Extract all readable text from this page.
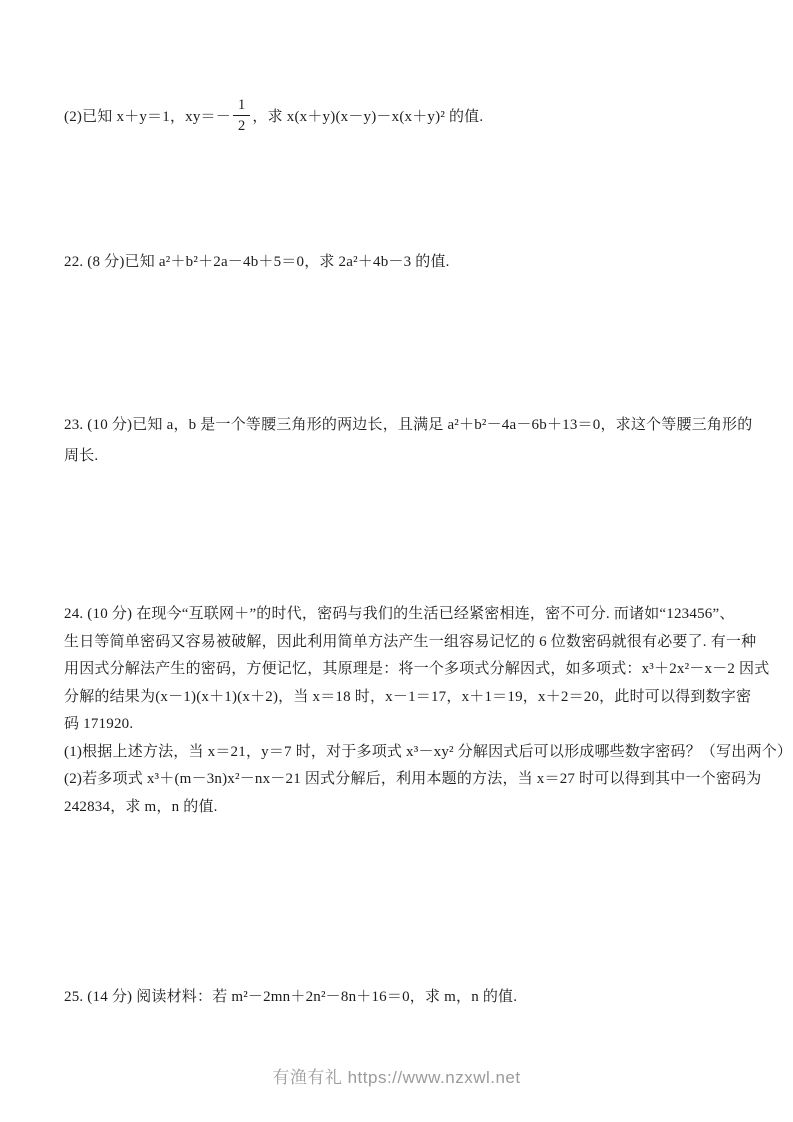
(2)已知 x＋y＝1，$xy=- \frac{1}{2}$ ，求 x(x＋y)(x－y)－x(x＋y)² 的值.
22. (8 分)已知 a²＋b²＋2a－4b＋5＝0，求 2a²＋4b－3 的值.
23. (10 分)已知 a，b 是一个等腰三角形的两边长，且满足 a²＋b²－4a－6b＋13＝0，求这个等腰三角形的
周长.
24. (10 分) 在现今“互联网＋”的时代，密码与我们的生活已经紧密相连，密不可分. 而诸如“123456”、
生日等简单密码又容易被破解，因此利用简单方法产生一组容易记忆的 6 位数密码就很有必要了. 有一种
用因式分解法产生的密码，方便记忆，其原理是：将一个多项式分解因式，如多项式：x³＋2x²－x－2 因式
分解的结果为(x－1)(x＋1)(x＋2)，当 x＝18 时，x－1＝17，x＋1＝19，x＋2＝20，此时可以得到数字密
码 171920.
(1)根据上述方法，当 x＝21，y＝7 时，对于多项式 x³－xy² 分解因式后可以形成哪些数字密码？（写出两个）
(2)若多项式 x³＋(m－3n)x²－nx－21 因式分解后，利用本题的方法，当 x＝27 时可以得到其中一个密码为
242834，求 m，n 的值.
25. (14 分) 阅读材料：若 m²－2mn＋2n²－8n＋16＝0，求 m，n 的值.
有渔有礼 https://www.nzxwl.net
